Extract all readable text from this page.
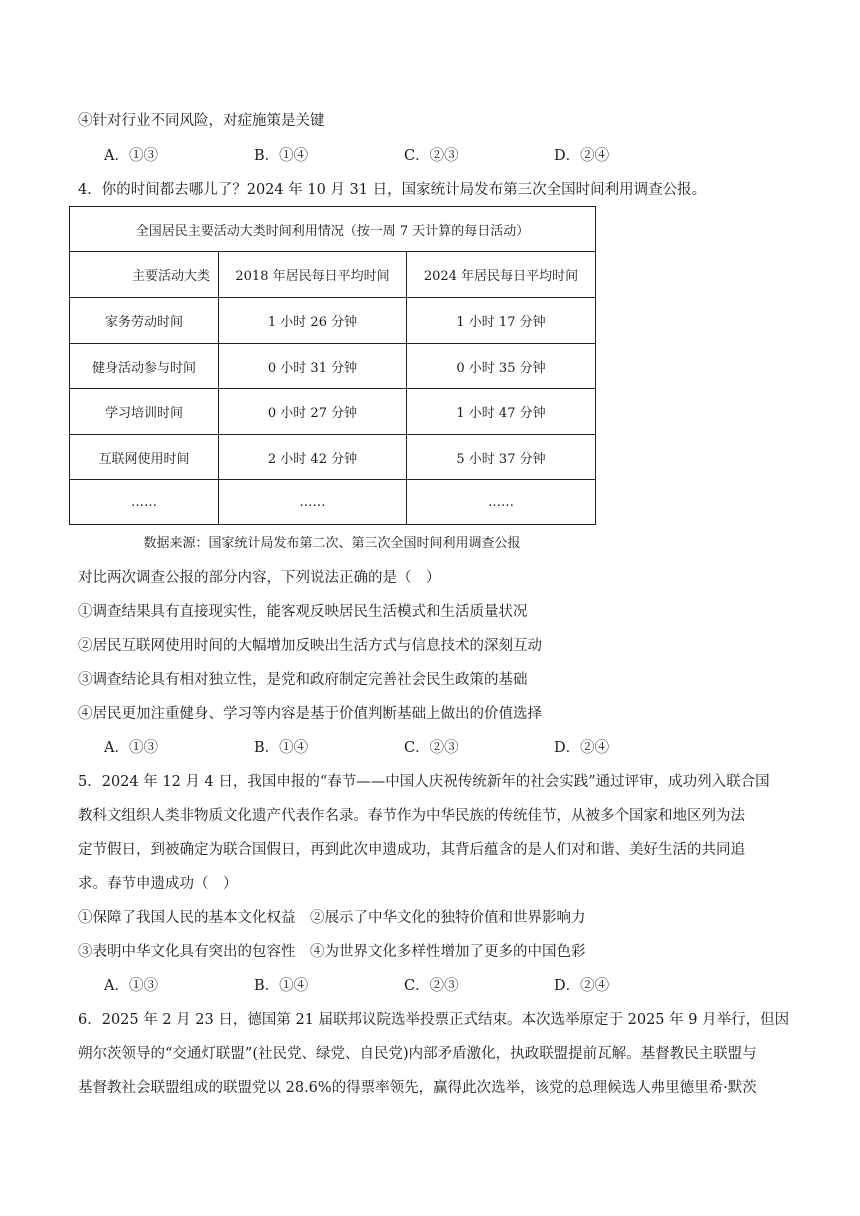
④针对行业不同风险，对症施策是关键
A．①③	B．①④	C．②③	D．②④
4．你的时间都去哪儿了？2024 年 10 月 31 日，国家统计局发布第三次全国时间利用调查公报。
全国居民主要活动大类时间利用情况（按一周 7 天计算的每日活动）		
主要活动大类	2018 年居民每日平均时间	2024 年居民每日平均时间
家务劳动时间	1 小时 26 分钟	1 小时 17 分钟
健身活动参与时间	0 小时 31 分钟	0 小时 35 分钟
学习培训时间	0 小时 27 分钟	1 小时 47 分钟
互联网使用时间	2 小时 42 分钟	5 小时 37 分钟
……	……	……
数据来源：国家统计局发布第二次、第三次全国时间利用调查公报
对比两次调查公报的部分内容，下列说法正确的是（　）
①调查结果具有直接现实性，能客观反映居民生活模式和生活质量状况
②居民互联网使用时间的大幅增加反映出生活方式与信息技术的深刻互动
③调查结论具有相对独立性，是党和政府制定完善社会民生政策的基础
④居民更加注重健身、学习等内容是基于价值判断基础上做出的价值选择
A．①③	B．①④	C．②③	D．②④
5．2024 年 12 月 4 日，我国申报的“春节——中国人庆祝传统新年的社会实践”通过评审，成功列入联合国
教科文组织人类非物质文化遗产代表作名录。春节作为中华民族的传统佳节，从被多个国家和地区列为法
定节假日，到被确定为联合国假日，再到此次申遗成功，其背后蕴含的是人们对和谐、美好生活的共同追
求。春节申遗成功（　）
①保障了我国人民的基本文化权益　②展示了中华文化的独特价值和世界影响力
③表明中华文化具有突出的包容性　④为世界文化多样性增加了更多的中国色彩
A．①③	B．①④	C．②③	D．②④
6．2025 年 2 月 23 日，德国第 21 届联邦议院选举投票正式结束。本次选举原定于 2025 年 9 月举行，但因
朔尔茨领导的“交通灯联盟”(社民党、绿党、自民党)内部矛盾激化，执政联盟提前瓦解。基督教民主联盟与
基督教社会联盟组成的联盟党以 28.6%的得票率领先，赢得此次选举，该党的总理候选人弗里德里希·默茨
